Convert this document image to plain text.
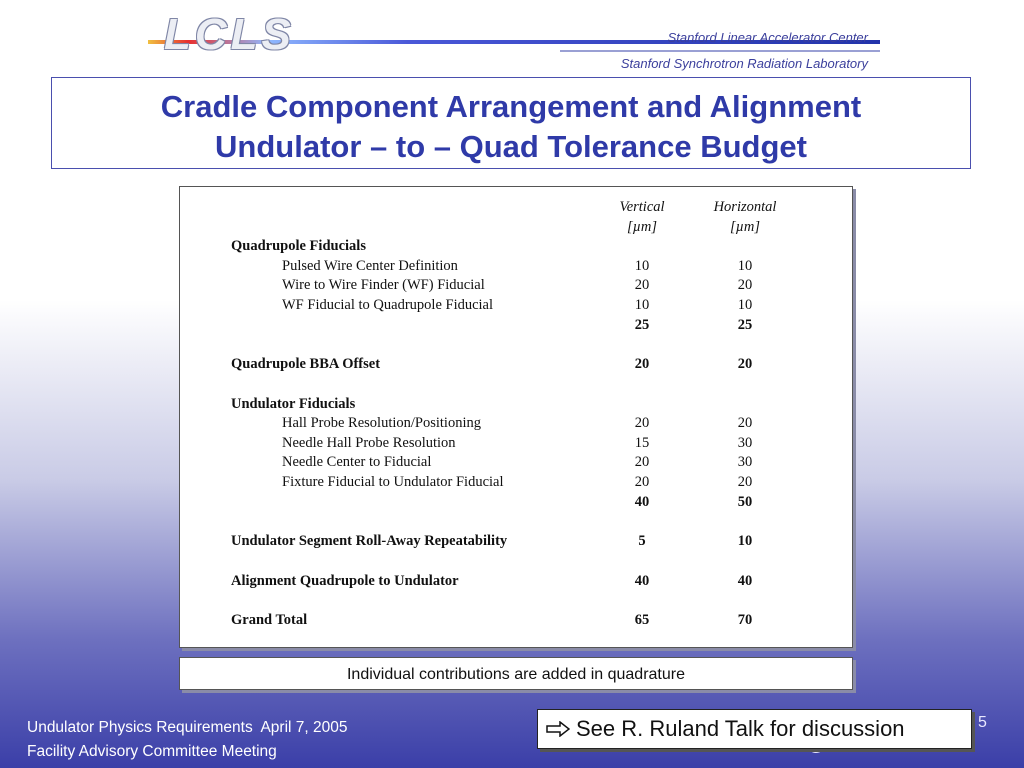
LCLS	Stanford Linear Accelerator Center
Stanford Synchrotron Radiation Laboratory
Cradle Component Arrangement and Alignment
Undulator – to – Quad Tolerance Budget
Vertical	Horizontal
[µm]	[µm]
Quadrupole Fiducials
Pulsed Wire Center Definition	10	10
Wire to Wire Finder (WF) Fiducial	20	20
WF Fiducial to Quadrupole Fiducial	10	10
25	25
Quadrupole BBA Offset	20	20
Undulator Fiducials
Hall Probe Resolution/Positioning	20	20
Needle Hall Probe Resolution	15	30
Needle Center to Fiducial	20	30
Fixture Fiducial to Undulator Fiducial	20	20
40	50
Undulator Segment Roll-Away Repeatability	5	10
Alignment Quadrupole to Undulator	40	40
Grand Total	65	70
Individual contributions are added in quadrature
Undulator Physics Requirements  April 7, 2005
Facility Advisory Committee Meeting
5
See R. Ruland Talk for discussion
